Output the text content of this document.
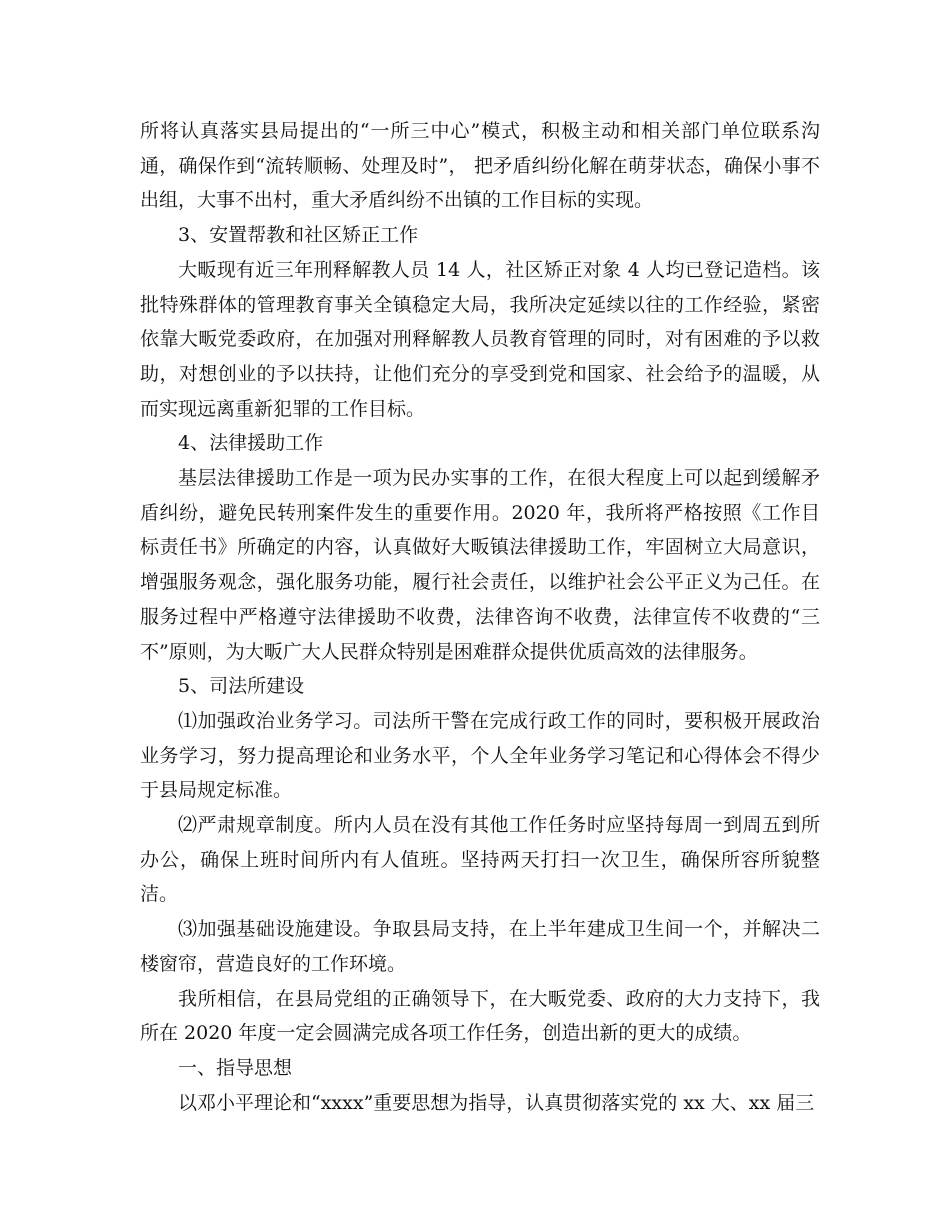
所将认真落实县局提出的“一所三中心”模式，积极主动和相关部门单位联系沟通，确保作到“流转顺畅、处理及时”， 把矛盾纠纷化解在萌芽状态，确保小事不出组，大事不出村，重大矛盾纠纷不出镇的工作目标的实现。

3、安置帮教和社区矫正工作

大畈现有近三年刑释解教人员 14 人，社区矫正对象 4 人均已登记造档。该批特殊群体的管理教育事关全镇稳定大局，我所决定延续以往的工作经验，紧密依靠大畈党委政府，在加强对刑释解教人员教育管理的同时，对有困难的予以救助，对想创业的予以扶持，让他们充分的享受到党和国家、社会给予的温暖，从而实现远离重新犯罪的工作目标。

4、法律援助工作

基层法律援助工作是一项为民办实事的工作，在很大程度上可以起到缓解矛盾纠纷，避免民转刑案件发生的重要作用。2020 年，我所将严格按照《工作目标责任书》所确定的内容，认真做好大畈镇法律援助工作，牢固树立大局意识，增强服务观念，强化服务功能，履行社会责任，以维护社会公平正义为己任。在服务过程中严格遵守法律援助不收费，法律咨询不收费，法律宣传不收费的“三不”原则，为大畈广大人民群众特别是困难群众提供优质高效的法律服务。

5、司法所建设

⑴加强政治业务学习。司法所干警在完成行政工作的同时，要积极开展政治业务学习，努力提高理论和业务水平，个人全年业务学习笔记和心得体会不得少于县局规定标准。

⑵严肃规章制度。所内人员在没有其他工作任务时应坚持每周一到周五到所办公，确保上班时间所内有人值班。坚持两天打扫一次卫生，确保所容所貌整洁。

⑶加强基础设施建设。争取县局支持，在上半年建成卫生间一个，并解决二楼窗帘，营造良好的工作环境。

我所相信，在县局党组的正确领导下，在大畈党委、政府的大力支持下，我所在 2020 年度一定会圆满完成各项工作任务，创造出新的更大的成绩。

一、指导思想

以邓小平理论和“xxxx”重要思想为指导，认真贯彻落实党的 xx 大、xx 届三
